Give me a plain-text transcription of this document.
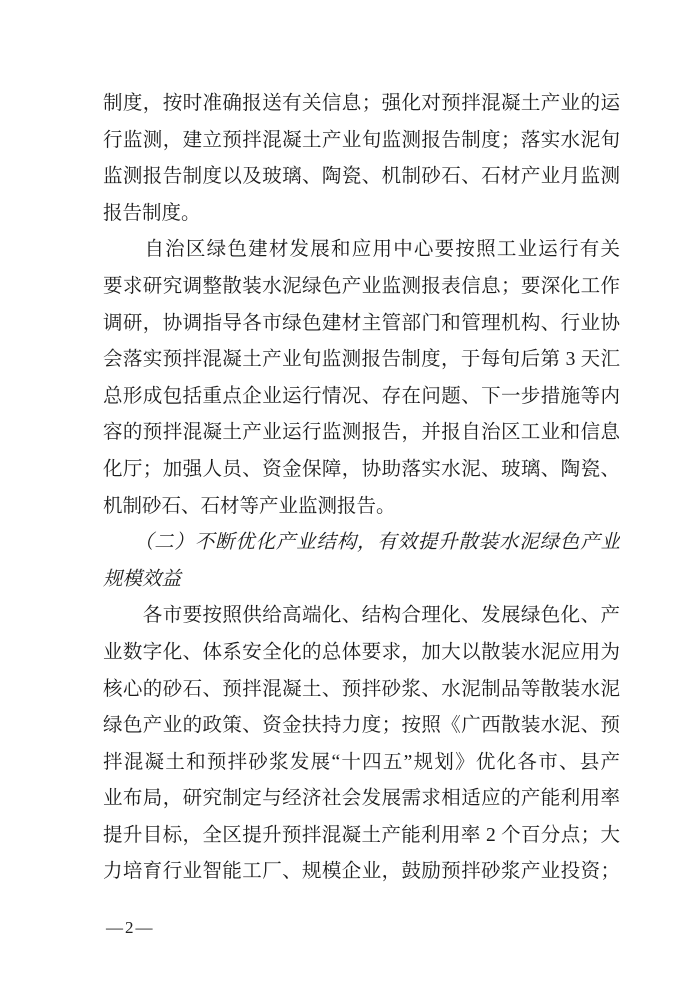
制度，按时准确报送有关信息；强化对预拌混凝土产业的运
行监测，建立预拌混凝土产业旬监测报告制度；落实水泥旬
监测报告制度以及玻璃、陶瓷、机制砂石、石材产业月监测
报告制度。
　　自治区绿色建材发展和应用中心要按照工业运行有关
要求研究调整散装水泥绿色产业监测报表信息；要深化工作
调研，协调指导各市绿色建材主管部门和管理机构、行业协
会落实预拌混凝土产业旬监测报告制度，于每旬后第 3 天汇
总形成包括重点企业运行情况、存在问题、下一步措施等内
容的预拌混凝土产业运行监测报告，并报自治区工业和信息
化厅；加强人员、资金保障，协助落实水泥、玻璃、陶瓷、
机制砂石、石材等产业监测报告。
　　（二）不断优化产业结构，有效提升散装水泥绿色产业
规模效益
　　各市要按照供给高端化、结构合理化、发展绿色化、产
业数字化、体系安全化的总体要求，加大以散装水泥应用为
核心的砂石、预拌混凝土、预拌砂浆、水泥制品等散装水泥
绿色产业的政策、资金扶持力度；按照《广西散装水泥、预
拌混凝土和预拌砂浆发展“十四五”规划》优化各市、县产
业布局，研究制定与经济社会发展需求相适应的产能利用率
提升目标，全区提升预拌混凝土产能利用率 2 个百分点；大
力培育行业智能工厂、规模企业，鼓励预拌砂浆产业投资；
—2—
